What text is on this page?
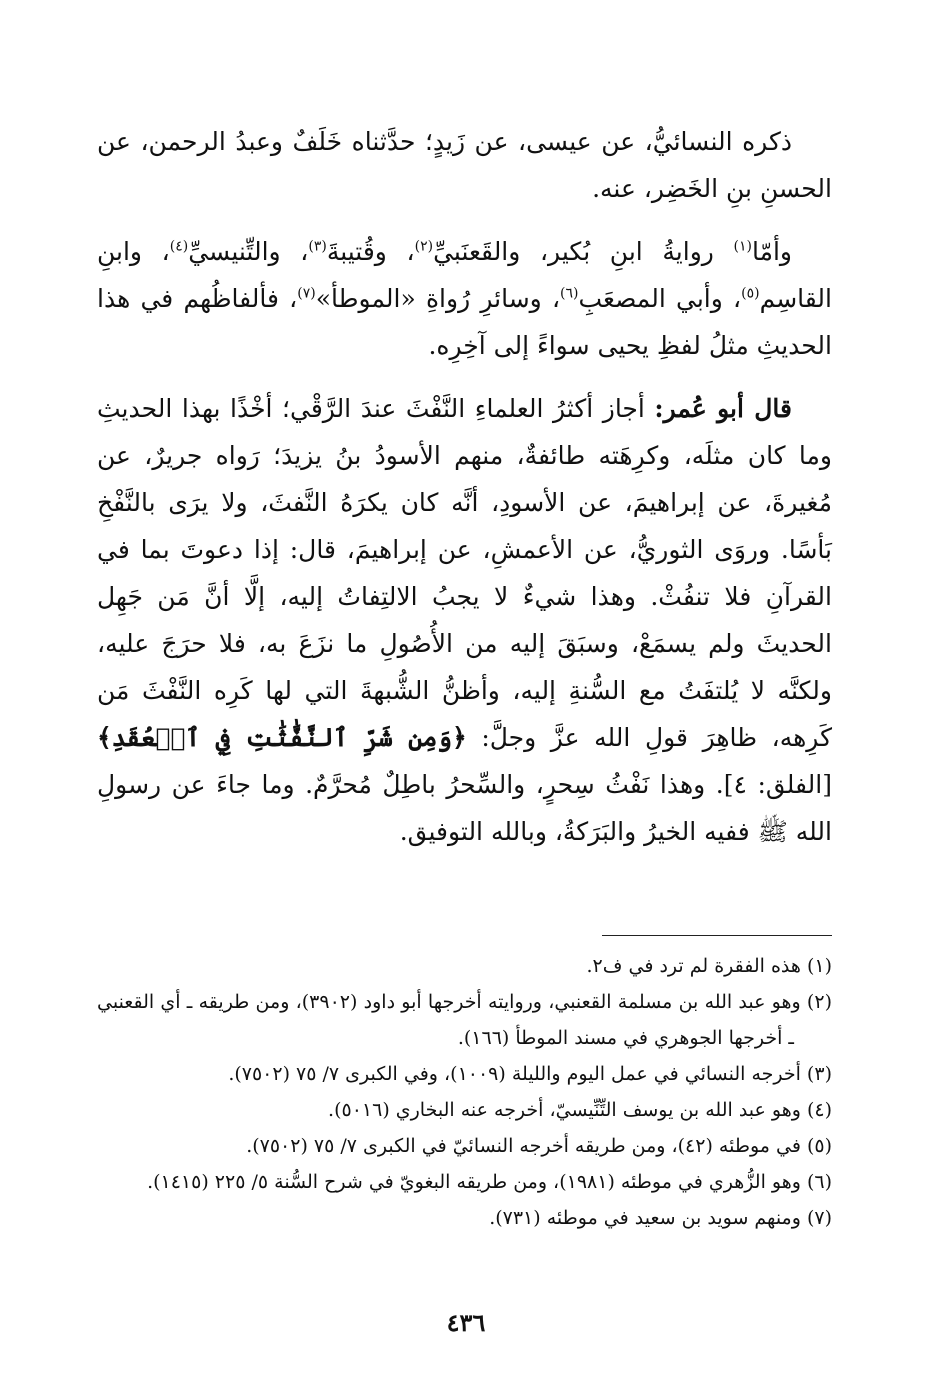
ذكره النسائيُّ، عن عيسى، عن زَيدٍ؛ حدَّثناه خَلَفٌ وعبدُ الرحمن، عن الحسنِ بنِ الخَضِر، عنه.

وأمّا$^{(١)}$ روايةُ ابنِ بُكير، والقَعنَبيِّ$^{(٢)}$، وقُتيبةَ$^{(٣)}$، والتِّنيسيِّ$^{(٤)}$، وابنِ القاسِم$^{(٥)}$، وأبي المصعَبِ$^{(٦)}$، وسائرِ رُواةِ «الموطأ»$^{(٧)}$، فألفاظُهم في هذا الحديثِ مثلُ لفظِ يحيى سواءً إلى آخِرِه.

قال أبو عُمر: أجاز أكثرُ العلماءِ النَّفْثَ عندَ الرَّقْي؛ أخْذًا بهذا الحديثِ وما كان مثلَه، وكرِهَته طائفةٌ، منهم الأسودُ بنُ يزيدَ؛ رَواه جريرٌ، عن مُغيرةَ، عن إبراهيمَ، عن الأسودِ، أنَّه كان يكرَهُ النَّفثَ، ولا يرَى بالنَّفْخِ بَأسًا. وروَى الثوريُّ، عن الأعمشِ، عن إبراهيمَ، قال: إذا دعوتَ بما في القرآنِ فلا تنفُثْ. وهذا شيءٌ لا يجبُ الالتِفاتُ إليه، إلَّا أنَّ مَن جَهِل الحديثَ ولم يسمَعْ، وسبَقَ إليه من الأُصُولِ ما نزَعَ به، فلا حرَجَ عليه، ولكنَّه لا يُلتفَتُ مع السُّنةِ إليه، وأظنُّ الشُّبهةَ التي لها كَرِه النَّفْثَ مَن كَرِهه، ظاهِرَ قولِ الله عزَّ وجلَّ: ﴿وَمِن شَرِّ ٱلنَّفَّٰثَٰتِ فِي ٱلۡعُقَدِ﴾ [الفلق: ٤]. وهذا نَفْثُ سِحرٍ، والسِّحرُ باطِلٌ مُحرَّمٌ. وما جاءَ عن رسولِ الله ﷺ ففيه الخيرُ والبَرَكةُ، وبالله التوفيق.

(١) هذه الفقرة لم ترد في ف٢.

(٢) وهو عبد الله بن مسلمة القعنبي، وروايته أخرجها أبو داود (٣٩٠٢)، ومن طريقه ـ أي القعنبي ـ أخرجها الجوهري في مسند الموطأ (١٦٦).

(٣) أخرجه النسائي في عمل اليوم والليلة (١٠٠٩)، وفي الكبرى ٧/ ٧٥ (٧٥٠٢).

(٤) وهو عبد الله بن يوسف التِّنِّيسيّ، أخرجه عنه البخاري (٥٠١٦).

(٥) في موطئه (٤٢)، ومن طريقه أخرجه النسائيّ في الكبرى ٧/ ٧٥ (٧٥٠٢).

(٦) وهو الزُّهري في موطئه (١٩٨١)، ومن طريقه البغويّ في شرح السُّنة ٥/ ٢٢٥ (١٤١٥).

(٧) ومنهم سويد بن سعيد في موطئه (٧٣١).

٤٣٦
